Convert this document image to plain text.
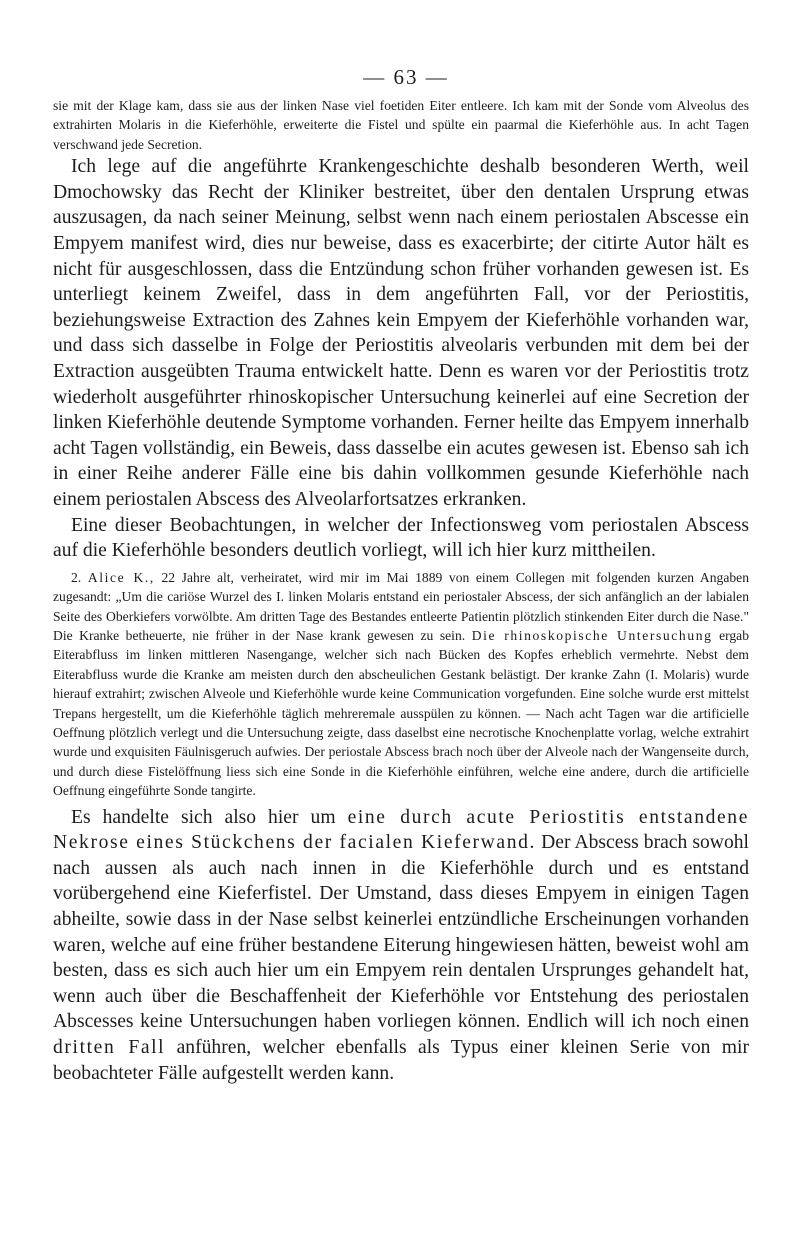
— 63 —

sie mit der Klage kam, dass sie aus der linken Nase viel foetiden Eiter entleere. Ich kam mit der Sonde vom Alveolus des extrahirten Molaris in die Kieferhöhle, erweiterte die Fistel und spülte ein paarmal die Kieferhöhle aus. In acht Tagen verschwand jede Secretion.

Ich lege auf die angeführte Krankengeschichte deshalb besonderen Werth, weil Dmochowsky das Recht der Kliniker bestreitet, über den dentalen Ursprung etwas auszusagen, da nach seiner Meinung, selbst wenn nach einem periostalen Abscesse ein Empyem manifest wird, dies nur beweise, dass es exacerbirte; der citirte Autor hält es nicht für ausgeschlossen, dass die Entzündung schon früher vorhanden gewesen ist. Es unterliegt keinem Zweifel, dass in dem angeführten Fall, vor der Periostitis, beziehungsweise Extraction des Zahnes kein Empyem der Kieferhöhle vorhanden war, und dass sich dasselbe in Folge der Periostitis alveolaris verbunden mit dem bei der Extraction ausgeübten Trauma entwickelt hatte. Denn es waren vor der Periostitis trotz wiederholt ausgeführter rhinoskopischer Untersuchung keinerlei auf eine Secretion der linken Kieferhöhle deutende Symptome vorhanden. Ferner heilte das Empyem innerhalb acht Tagen vollständig, ein Beweis, dass dasselbe ein acutes gewesen ist. Ebenso sah ich in einer Reihe anderer Fälle eine bis dahin vollkommen gesunde Kieferhöhle nach einem periostalen Abscess des Alveolarfortsatzes erkranken.

Eine dieser Beobachtungen, in welcher der Infectionsweg vom periostalen Abscess auf die Kieferhöhle besonders deutlich vorliegt, will ich hier kurz mittheilen.

2. Alice K., 22 Jahre alt, verheiratet, wird mir im Mai 1889 von einem Collegen mit folgenden kurzen Angaben zugesandt: „Um die cariöse Wurzel des I. linken Molaris entstand ein periostaler Abscess, der sich anfänglich an der labialen Seite des Oberkiefers vorwölbte. Am dritten Tage des Bestandes entleerte Patientin plötzlich stinkenden Eiter durch die Nase." Die Kranke betheuerte, nie früher in der Nase krank gewesen zu sein. Die rhinoskopische Untersuchung ergab Eiterabfluss im linken mittleren Nasengange, welcher sich nach Bücken des Kopfes erheblich vermehrte. Nebst dem Eiterabfluss wurde die Kranke am meisten durch den abscheulichen Gestank belästigt. Der kranke Zahn (I. Molaris) wurde hierauf extrahirt; zwischen Alveole und Kieferhöhle wurde keine Communication vorgefunden. Eine solche wurde erst mittelst Trepans hergestellt, um die Kieferhöhle täglich mehreremale ausspülen zu können. — Nach acht Tagen war die artificielle Oeffnung plötzlich verlegt und die Untersuchung zeigte, dass daselbst eine necrotische Knochenplatte vorlag, welche extrahirt wurde und exquisiten Fäulnisgeruch aufwies. Der periostale Abscess brach noch über der Alveole nach der Wangenseite durch, und durch diese Fistelöffnung liess sich eine Sonde in die Kieferhöhle einführen, welche eine andere, durch die artificielle Oeffnung eingeführte Sonde tangirte.

Es handelte sich also hier um eine durch acute Periostitis entstandene Nekrose eines Stückchens der facialen Kieferwand. Der Abscess brach sowohl nach aussen als auch nach innen in die Kieferhöhle durch und es entstand vorübergehend eine Kieferfistel. Der Umstand, dass dieses Empyem in einigen Tagen abheilte, sowie dass in der Nase selbst keinerlei entzündliche Erscheinungen vorhanden waren, welche auf eine früher bestandene Eiterung hingewiesen hätten, beweist wohl am besten, dass es sich auch hier um ein Empyem rein dentalen Ursprunges gehandelt hat, wenn auch über die Beschaffenheit der Kieferhöhle vor Entstehung des periostalen Abscesses keine Untersuchungen haben vorliegen können. Endlich will ich noch einen dritten Fall anführen, welcher ebenfalls als Typus einer kleinen Serie von mir beobachteter Fälle aufgestellt werden kann.
